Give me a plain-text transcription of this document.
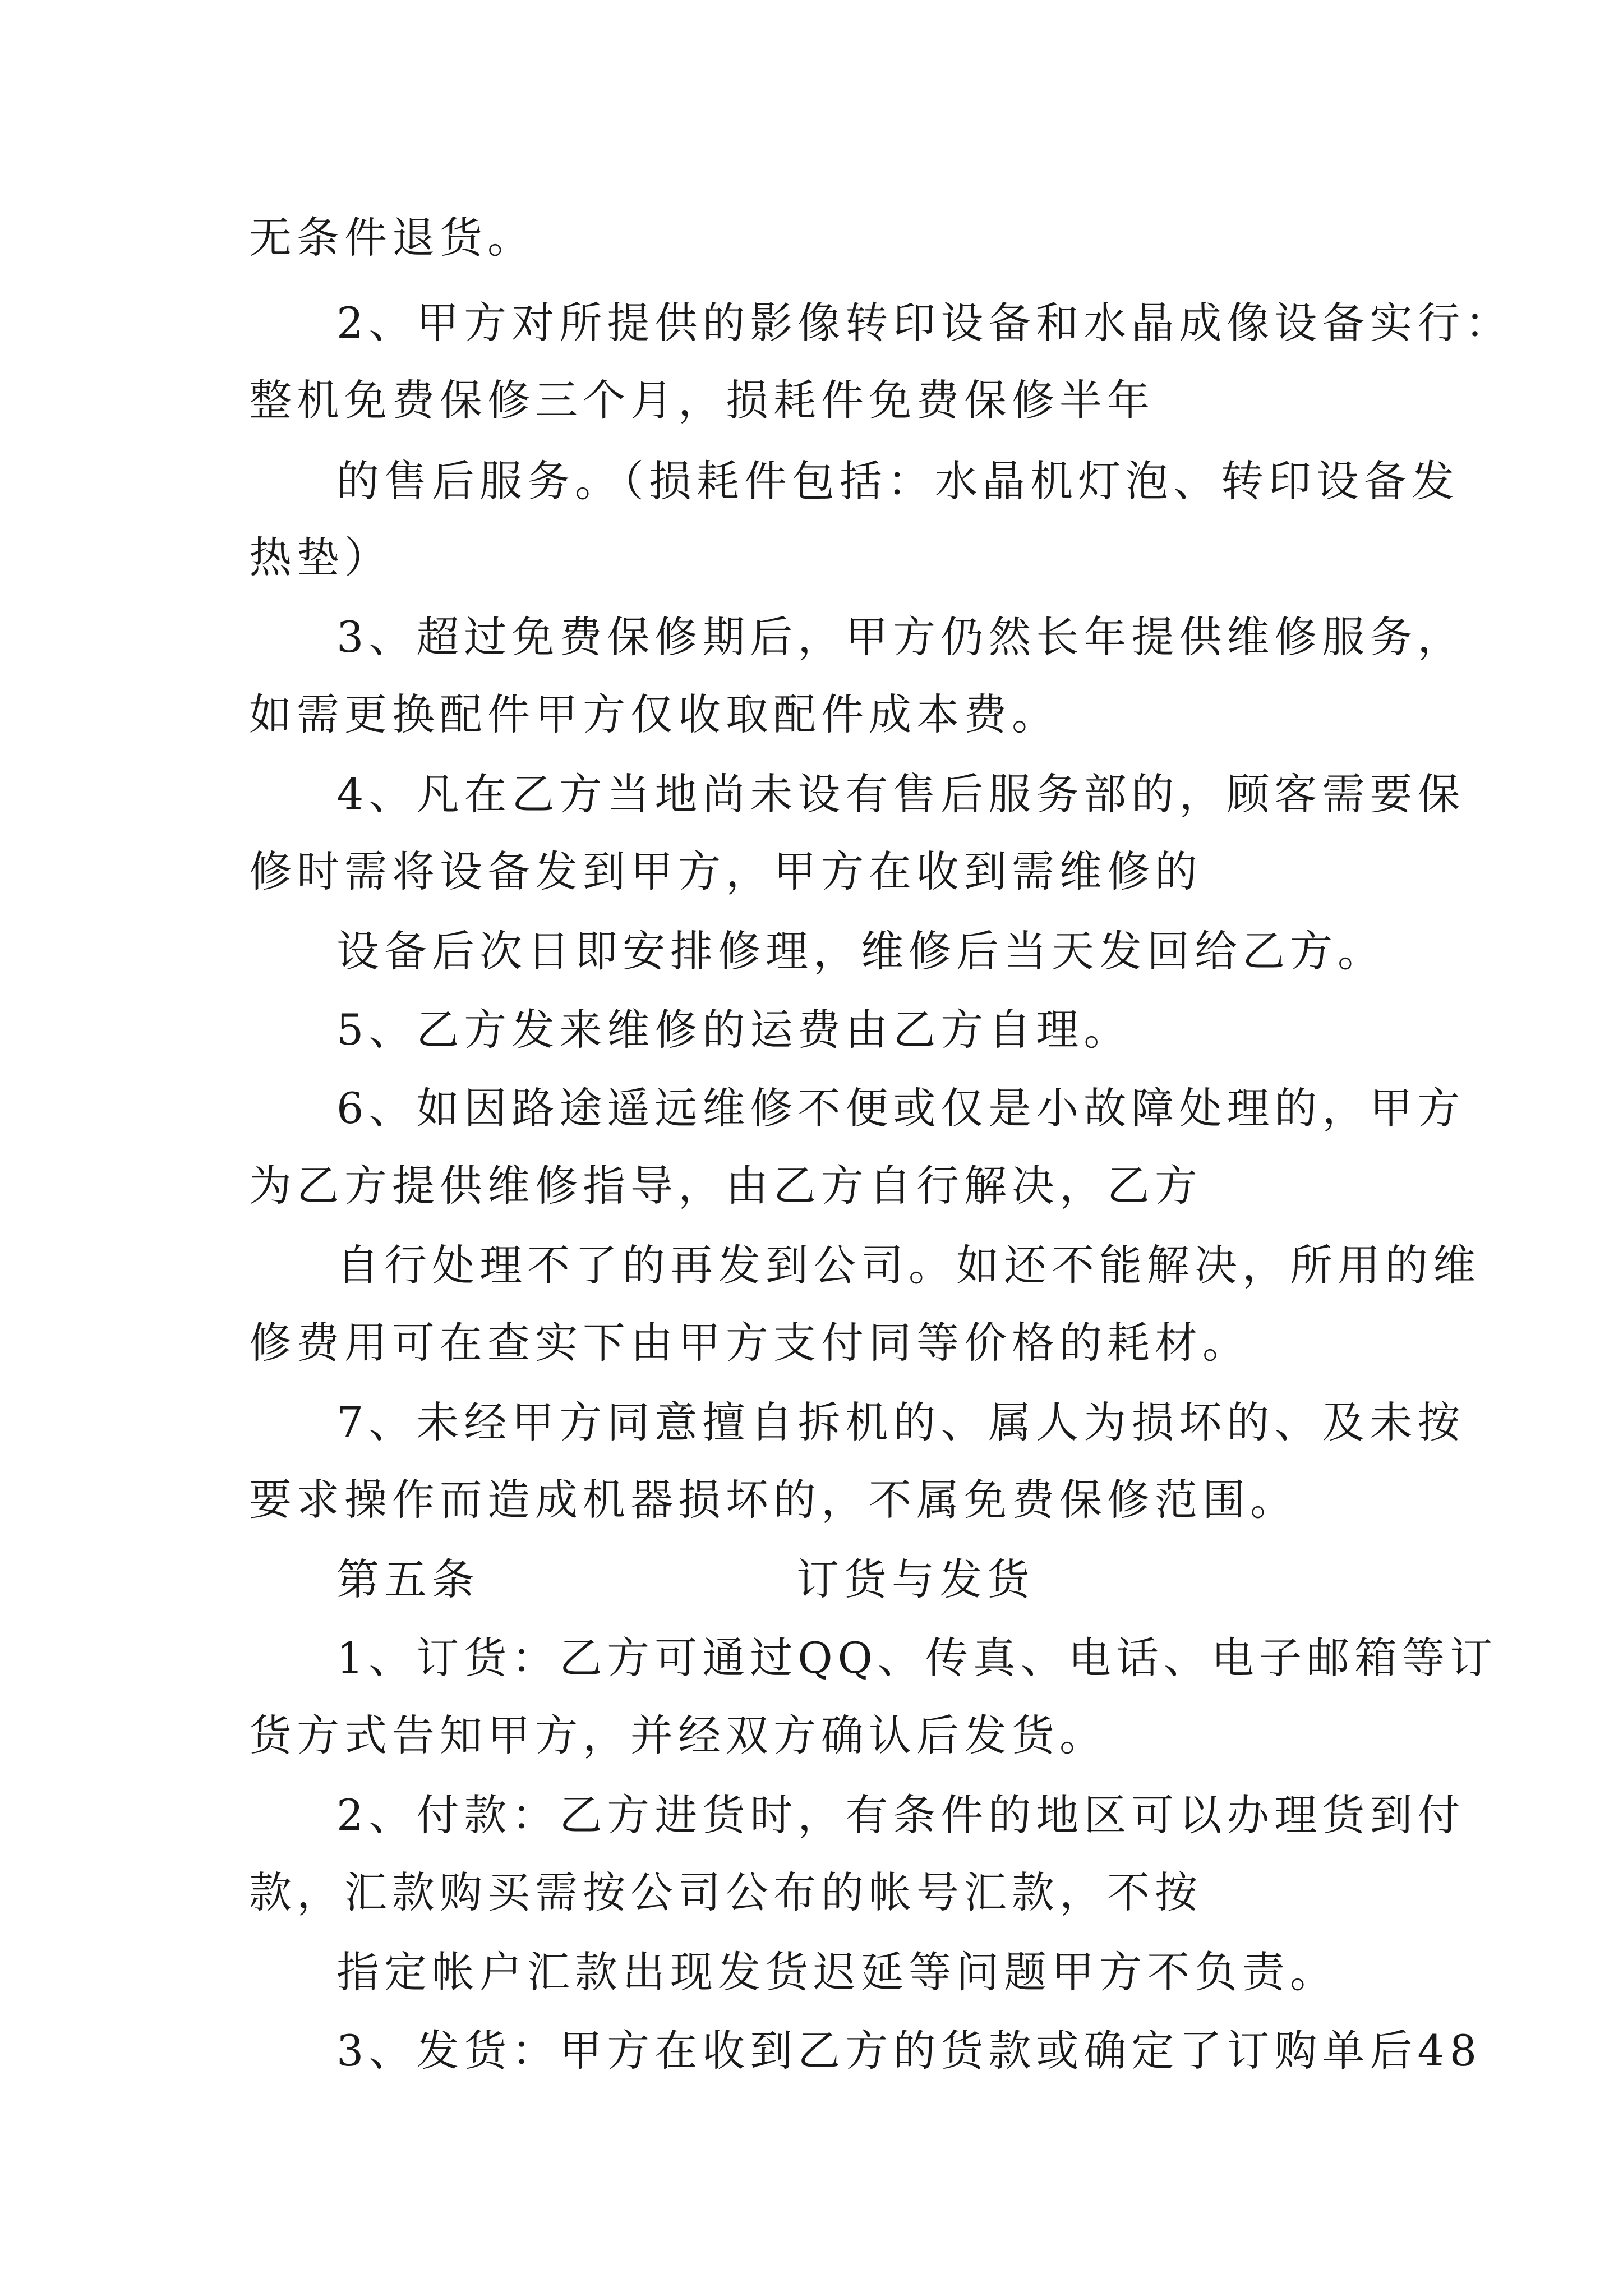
无条件退货。
2、甲方对所提供的影像转印设备和水晶成像设备实行：
整机免费保修三个月，损耗件免费保修半年
的售后服务。（损耗件包括：水晶机灯泡、转印设备发
热垫）
3、超过免费保修期后，甲方仍然长年提供维修服务，
如需更换配件甲方仅收取配件成本费。
4、凡在乙方当地尚未设有售后服务部的，顾客需要保
修时需将设备发到甲方，甲方在收到需维修的
设备后次日即安排修理，维修后当天发回给乙方。
5、乙方发来维修的运费由乙方自理。
6、如因路途遥远维修不便或仅是小故障处理的，甲方
为乙方提供维修指导，由乙方自行解决，乙方
自行处理不了的再发到公司。如还不能解决，所用的维
修费用可在查实下由甲方支付同等价格的耗材。
7、未经甲方同意擅自拆机的、属人为损坏的、及未按
要求操作而造成机器损坏的，不属免费保修范围。
第五条	订货与发货
1、订货：乙方可通过QQ、传真、电话、电子邮箱等订
货方式告知甲方，并经双方确认后发货。
2、付款：乙方进货时，有条件的地区可以办理货到付
款，汇款购买需按公司公布的帐号汇款，不按
指定帐户汇款出现发货迟延等问题甲方不负责。
3、发货：甲方在收到乙方的货款或确定了订购单后48
